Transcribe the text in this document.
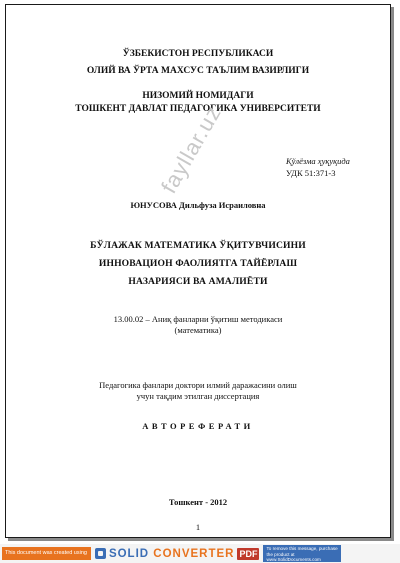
ЎЗБЕКИСТОН РЕСПУБЛИКАСИ
ОЛИЙ ВА ЎРТА МАХСУС ТАЪЛИМ ВАЗИРЛИГИ
НИЗОМИЙ НОМИДАГИ
ТОШКЕНТ ДАВЛАТ ПЕДАГОГИКА УНИВЕРСИТЕТИ
Қўлёзма ҳуқуқида
УДК 51:371-3
ЮНУСОВА Дильфуза Исраиловна
БЎЛАЖАК МАТЕМАТИКА ЎҚИТУВЧИСИНИ
ИННОВАЦИОН ФАОЛИЯТГА ТАЙЁРЛАШ
НАЗАРИЯСИ ВА АМАЛИЁТИ
13.00.02 – Аниқ фанларни ўқитиш методикаси
(математика)
Педагогика фанлари доктори илмий даражасини олиш
учун тақдим этилган диссертация
АВТОРЕФЕРАТИ
Тошкент - 2012
1
fayllar.uz
This document was created using	SOLID CONVERTER PDF	To remove this message, purchase the product at www.SolidDocuments.com
